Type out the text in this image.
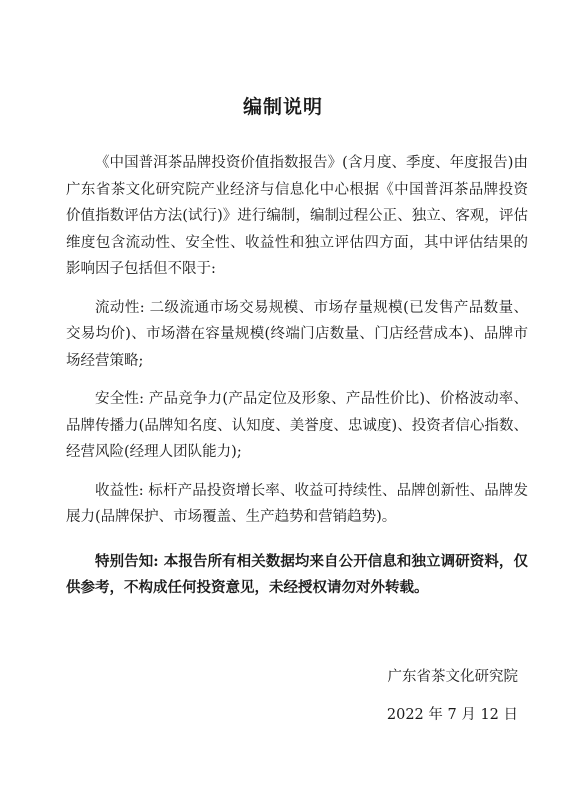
编制说明

《中国普洱茶品牌投资价值指数报告》(含月度、季度、年度报告)由广东省茶文化研究院产业经济与信息化中心根据《中国普洱茶品牌投资价值指数评估方法(试行)》进行编制，编制过程公正、独立、客观，评估维度包含流动性、安全性、收益性和独立评估四方面，其中评估结果的影响因子包括但不限于:

流动性: 二级流通市场交易规模、市场存量规模(已发售产品数量、交易均价)、市场潜在容量规模(终端门店数量、门店经营成本)、品牌市场经营策略;

安全性: 产品竞争力(产品定位及形象、产品性价比)、价格波动率、品牌传播力(品牌知名度、认知度、美誉度、忠诚度)、投资者信心指数、经营风险(经理人团队能力);

收益性: 标杆产品投资增长率、收益可持续性、品牌创新性、品牌发展力(品牌保护、市场覆盖、生产趋势和营销趋势)。

特别告知: 本报告所有相关数据均来自公开信息和独立调研资料，仅供参考，不构成任何投资意见，未经授权请勿对外转载。

广东省茶文化研究院
2022 年 7 月 12 日
